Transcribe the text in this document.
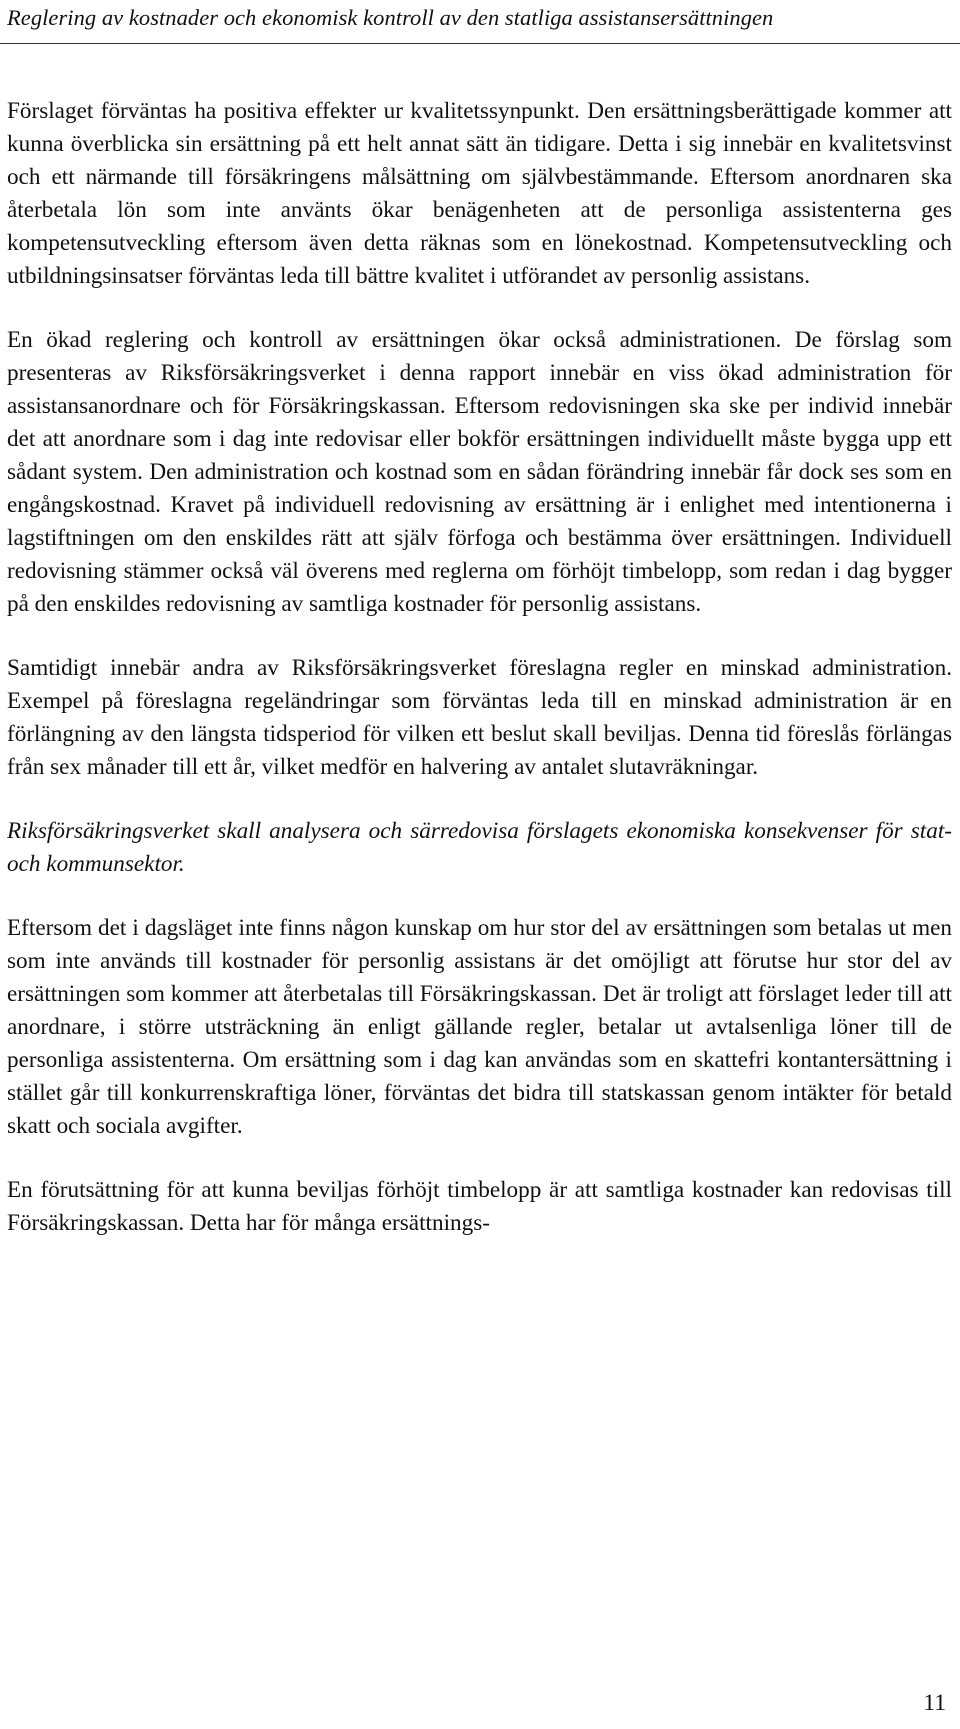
Reglering av kostnader och ekonomisk kontroll av den statliga assistansersättningen

Förslaget förväntas ha positiva effekter ur kvalitetssynpunkt. Den ersättningsberättigade kommer att kunna överblicka sin ersättning på ett helt annat sätt än tidigare. Detta i sig innebär en kvalitetsvinst och ett närmande till försäkringens målsättning om självbestämmande. Eftersom anordnaren ska återbetala lön som inte använts ökar benägenheten att de personliga assistenterna ges kompetensutveckling eftersom även detta räknas som en lönekostnad. Kompetensutveckling och utbildningsinsatser förväntas leda till bättre kvalitet i utförandet av personlig assistans.

En ökad reglering och kontroll av ersättningen ökar också administrationen. De förslag som presenteras av Riksförsäkringsverket i denna rapport innebär en viss ökad administration för assistansanordnare och för Försäkringskassan. Eftersom redovisningen ska ske per individ innebär det att anordnare som i dag inte redovisar eller bokför ersättningen individuellt måste bygga upp ett sådant system. Den administration och kostnad som en sådan förändring innebär får dock ses som en engångskostnad. Kravet på individuell redovisning av ersättning är i enlighet med intentionerna i lagstiftningen om den enskildes rätt att själv förfoga och bestämma över ersättningen. Individuell redovisning stämmer också väl överens med reglerna om förhöjt timbelopp, som redan i dag bygger på den enskildes redovisning av samtliga kostnader för personlig assistans.

Samtidigt innebär andra av Riksförsäkringsverket föreslagna regler en minskad administration. Exempel på föreslagna regeländringar som förväntas leda till en minskad administration är en förlängning av den längsta tidsperiod för vilken ett beslut skall beviljas. Denna tid föreslås förlängas från sex månader till ett år, vilket medför en halvering av antalet slutavräkningar.

Riksförsäkringsverket skall analysera och särredovisa förslagets ekonomiska konsekvenser för stat- och kommunsektor.

Eftersom det i dagsläget inte finns någon kunskap om hur stor del av ersättningen som betalas ut men som inte används till kostnader för personlig assistans är det omöjligt att förutse hur stor del av ersättningen som kommer att återbetalas till Försäkringskassan. Det är troligt att förslaget leder till att anordnare, i större utsträckning än enligt gällande regler, betalar ut avtalsenliga löner till de personliga assistenterna. Om ersättning som i dag kan användas som en skattefri kontantersättning i stället går till konkurrenskraftiga löner, förväntas det bidra till statskassan genom intäkter för betald skatt och sociala avgifter.

En förutsättning för att kunna beviljas förhöjt timbelopp är att samtliga kostnader kan redovisas till Försäkringskassan. Detta har för många ersättnings-

11
